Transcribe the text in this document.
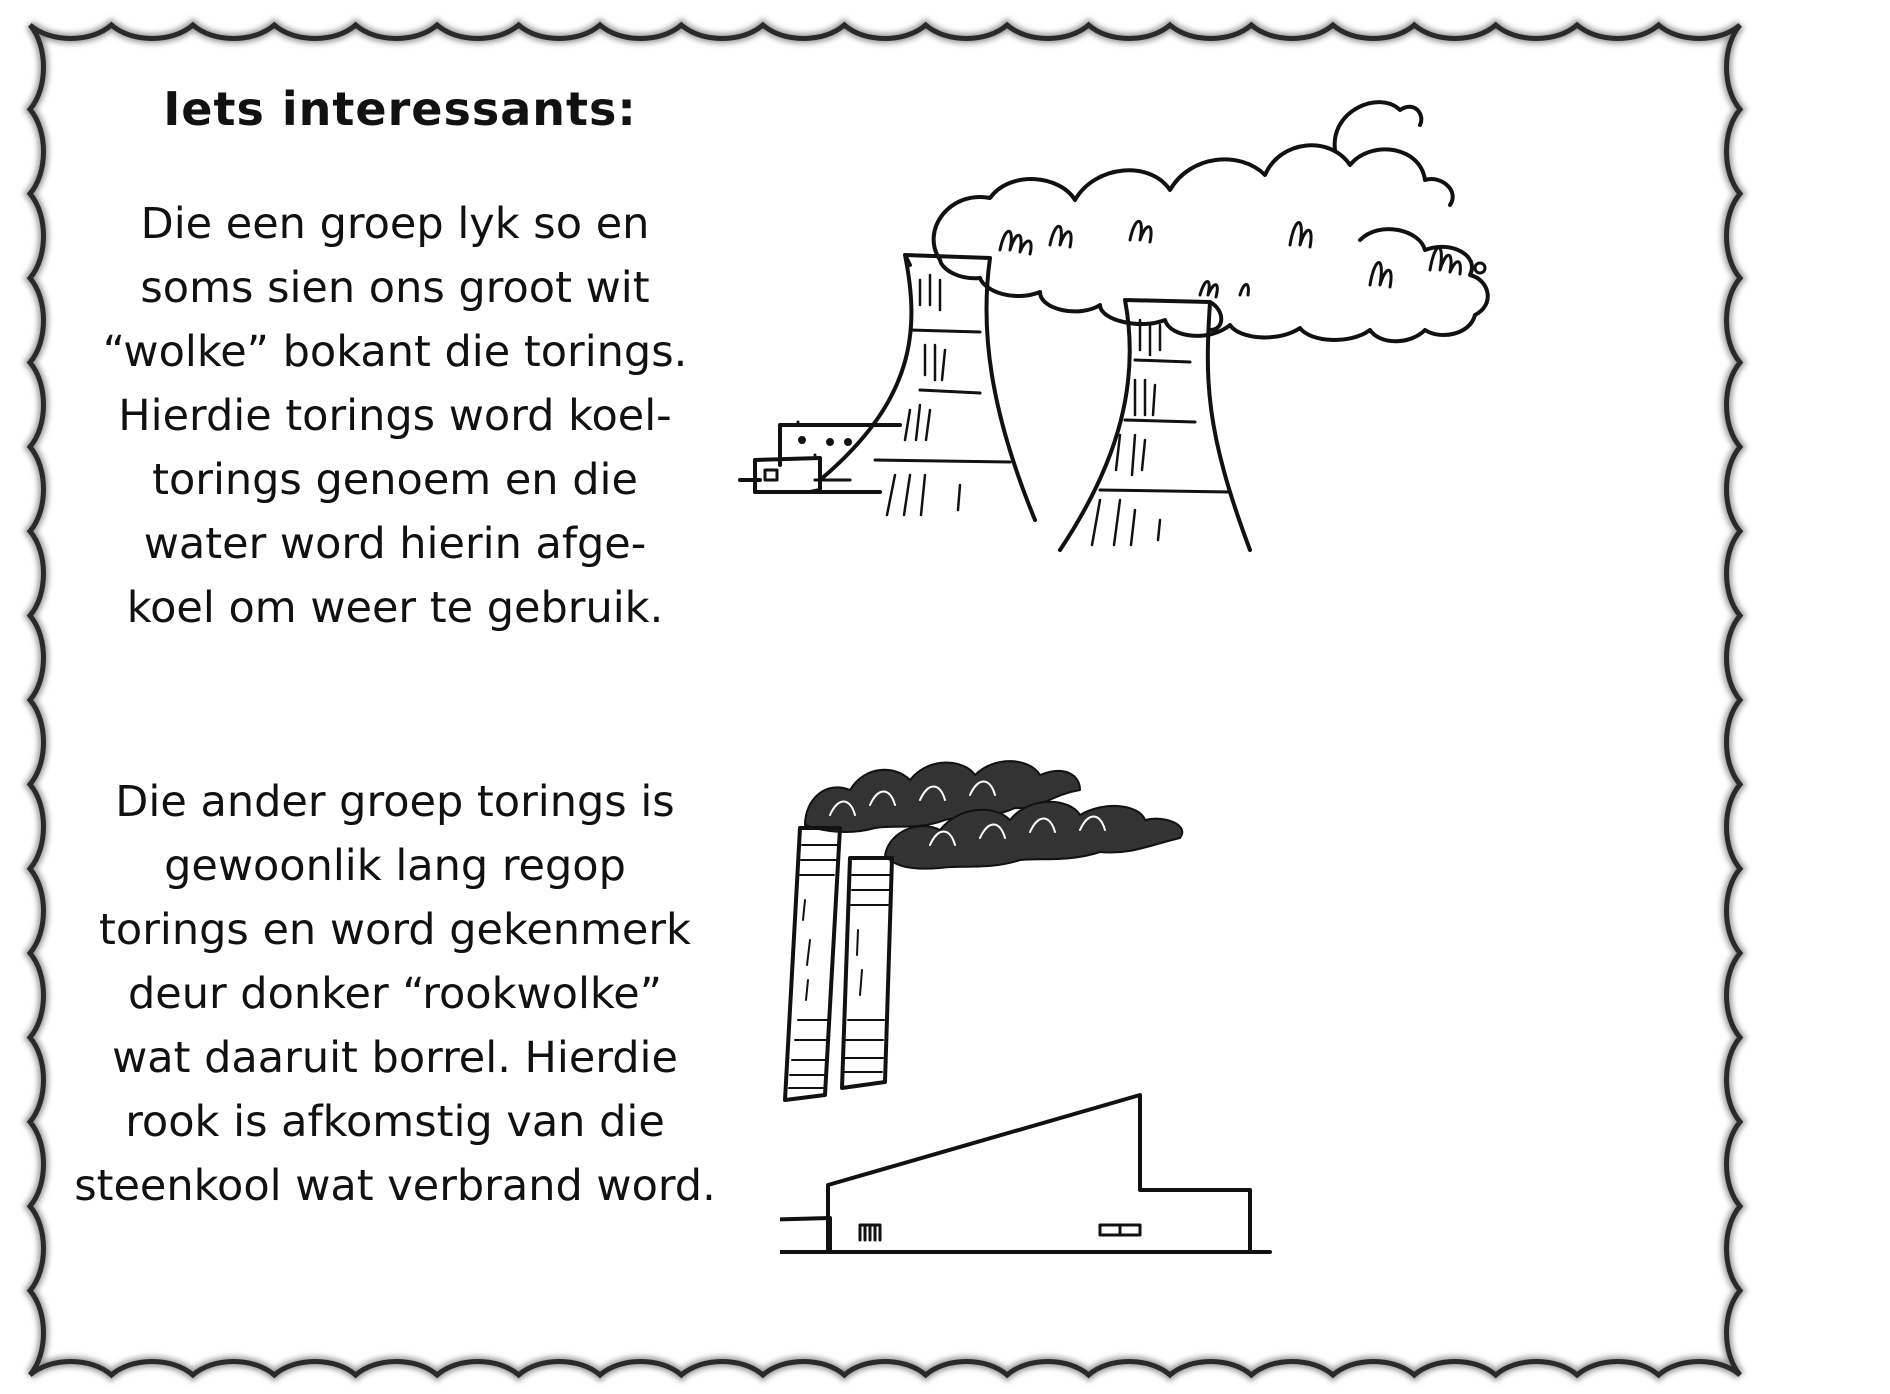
Iets interessants:

Die een groep lyk so en
soms sien ons groot wit
“wolke” bokant die torings.
Hierdie torings word koel-
torings genoem en die
water word hierin afge-
koel om weer te gebruik.

Die ander groep torings is
gewoonlik lang regop
torings en word gekenmerk
deur donker “rookwolke”
wat daaruit borrel. Hierdie
rook is afkomstig van die
steenkool wat verbrand word.
